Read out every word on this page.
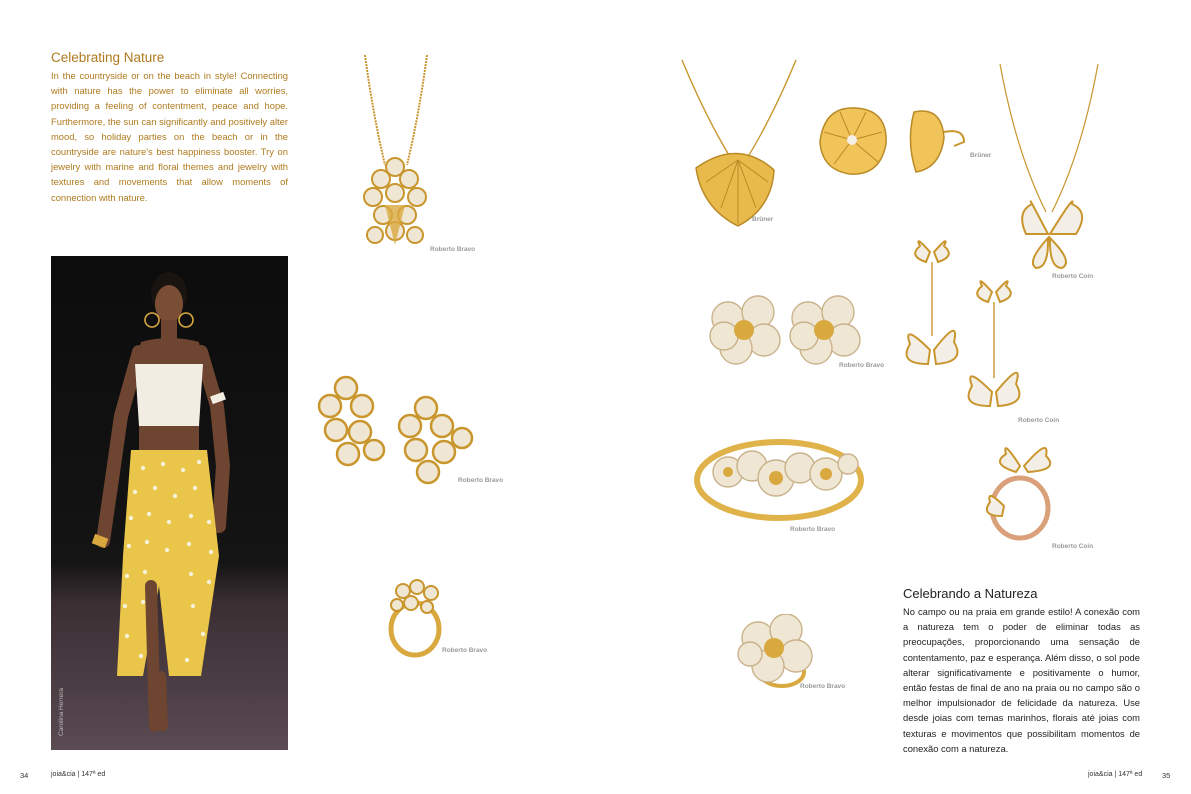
Celebrating Nature
In the countryside or on the beach in style! Connecting with nature has the power to eliminate all worries, providing a feeling of contentment, peace and hope. Furthermore, the sun can significantly and positively alter mood, so holiday parties on the beach or in the countryside are nature's best happiness booster. Try on jewelry with marine and floral themes and jewelry with textures and movements that allow moments of connection with nature.
Carolina Herrera
Roberto Bravo
Roberto Bravo
Roberto Bravo
Brüner
Brüner
Roberto Coin
Roberto Bravo
Roberto Coin
Roberto Bravo
Roberto Coin
Roberto Bravo
Celebrando a Natureza
No campo ou na praia em grande estilo! A conexão com a natureza tem o poder de eliminar todas as preocupações, proporcionando uma sensação de contentamento, paz e esperança. Além disso, o sol pode alterar significativamente e positivamente o humor, então festas de final de ano na praia ou no campo são o melhor impulsionador de felicidade da natureza. Use desde joias com temas marinhos, florais até joias com texturas e movimentos que possibilitam momentos de conexão com a natureza.
34	joia&cia | 147ª ed	joia&cia | 147ª ed	35
